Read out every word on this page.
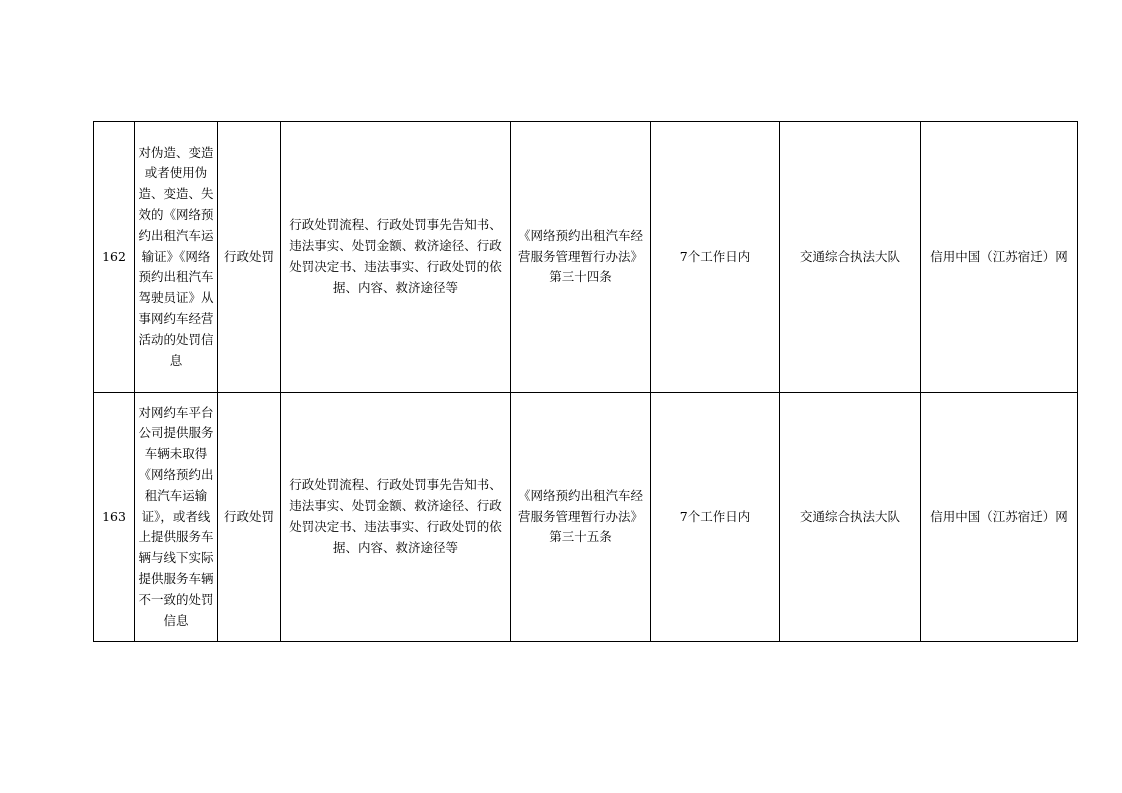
162	对伪造、变造或者使用伪造、变造、失效的《网络预约出租汽车运输证》《网络预约出租汽车驾驶员证》从事网约车经营活动的处罚信息	行政处罚	行政处罚流程、行政处罚事先告知书、违法事实、处罚金额、救济途径、行政处罚决定书、违法事实、行政处罚的依据、内容、救济途径等	《网络预约出租汽车经营服务管理暂行办法》第三十四条	7个工作日内	交通综合执法大队	信用中国（江苏宿迁）网
163	对网约车平台公司提供服务车辆未取得《网络预约出租汽车运输证》，或者线上提供服务车辆与线下实际提供服务车辆不一致的处罚信息	行政处罚	行政处罚流程、行政处罚事先告知书、违法事实、处罚金额、救济途径、行政处罚决定书、违法事实、行政处罚的依据、内容、救济途径等	《网络预约出租汽车经营服务管理暂行办法》第三十五条	7个工作日内	交通综合执法大队	信用中国（江苏宿迁）网
